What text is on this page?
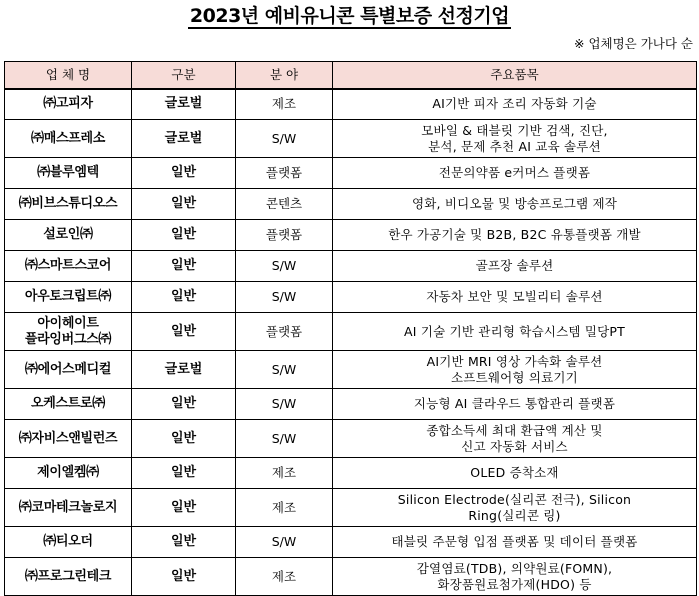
2023년 예비유니콘 특별보증 선정기업
※ 업체명은 가나다 순
업 체 명	구분	분 야	주요품목
㈜고피자	글로벌	제조	AI기반 피자 조리 자동화 기술
㈜매스프레소	글로벌	S/W	모바일 & 태블릿 기반 검색, 진단,
분석, 문제 추천 AI 교육 솔루션
㈜블루엠텍	일반	플랫폼	전문의약품 e커머스 플랫폼
㈜비브스튜디오스	일반	콘텐츠	영화, 비디오물 및 방송프로그램 제작
설로인㈜	일반	플랫폼	한우 가공기술 및 B2B, B2C 유통플랫폼 개발
㈜스마트스코어	일반	S/W	골프장 솔루션
아우토크립트㈜	일반	S/W	자동차 보안 및 모빌리티 솔루션
아이헤이트
플라잉버그스㈜	일반	플랫폼	AI 기술 기반 관리형 학습시스템 밀당PT
㈜에어스메디컬	글로벌	S/W	AI기반 MRI 영상 가속화 솔루션
소프트웨어형 의료기기
오케스트로㈜	일반	S/W	지능형 AI 클라우드 통합관리 플랫폼
㈜자비스앤빌런즈	일반	S/W	종합소득세 최대 환급액 계산 및
신고 자동화 서비스
제이엘켐㈜	일반	제조	OLED 증착소재
㈜코마테크놀로지	일반	제조	Silicon Electrode(실리콘 전극), Silicon
Ring(실리콘 링)
㈜티오더	일반	S/W	태블릿 주문형 입점 플랫폼 및 데이터 플랫폼
㈜프로그린테크	일반	제조	감열염료(TDB), 의약원료(FOMN),
화장품원료첨가제(HDO) 등
